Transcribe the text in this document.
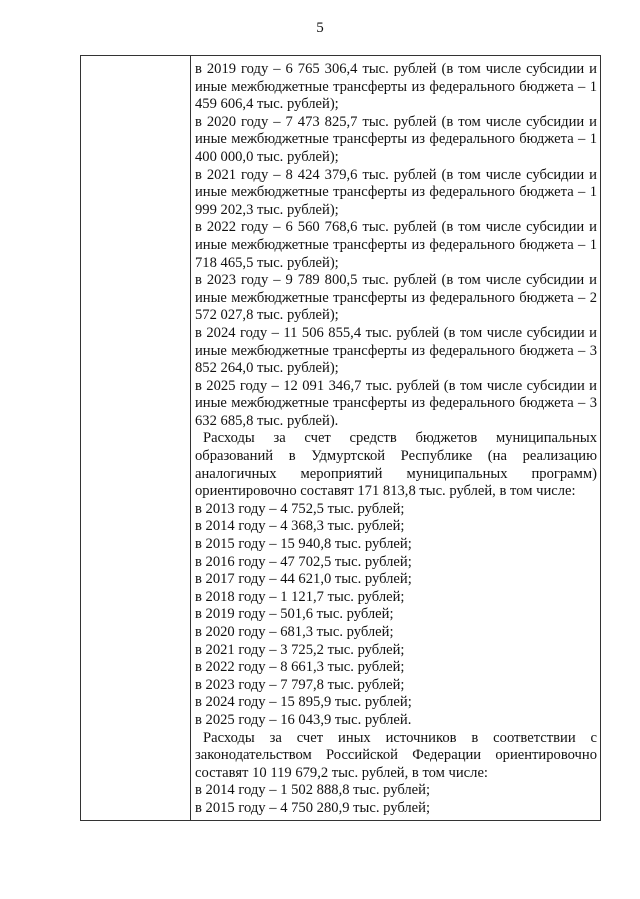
5

в 2019 году – 6 765 306,4 тыс. рублей (в том числе субсидии и иные межбюджетные трансферты из федерального бюджета – 1 459 606,4 тыс. рублей);

в 2020 году – 7 473 825,7 тыс. рублей (в том числе субсидии и иные межбюджетные трансферты из федерального бюджета – 1 400 000,0 тыс. рублей);

в 2021 году – 8 424 379,6 тыс. рублей (в том числе субсидии и иные межбюджетные трансферты из федерального бюджета – 1 999 202,3 тыс. рублей);

в 2022 году – 6 560 768,6 тыс. рублей (в том числе субсидии и иные межбюджетные трансферты из федерального бюджета – 1 718 465,5 тыс. рублей);

в 2023 году – 9 789 800,5 тыс. рублей (в том числе субсидии и иные межбюджетные трансферты из федерального бюджета – 2 572 027,8 тыс. рублей);

в 2024 году – 11 506 855,4 тыс. рублей (в том числе субсидии и иные межбюджетные трансферты из федерального бюджета – 3 852 264,0 тыс. рублей);

в 2025 году – 12 091 346,7 тыс. рублей (в том числе субсидии и иные межбюджетные трансферты из федерального бюджета – 3 632 685,8 тыс. рублей).

Расходы за счет средств бюджетов муниципальных образований в Удмуртской Республике (на реализацию аналогичных мероприятий муниципальных программ) ориентировочно составят 171 813,8 тыс. рублей, в том числе:

в 2013 году – 4 752,5 тыс. рублей;

в 2014 году – 4 368,3 тыс. рублей;

в 2015 году – 15 940,8 тыс. рублей;

в 2016 году – 47 702,5 тыс. рублей;

в 2017 году – 44 621,0 тыс. рублей;

в 2018 году – 1 121,7 тыс. рублей;

в 2019 году – 501,6 тыс. рублей;

в 2020 году – 681,3 тыс. рублей;

в 2021 году – 3 725,2 тыс. рублей;

в 2022 году – 8 661,3 тыс. рублей;

в 2023 году – 7 797,8 тыс. рублей;

в 2024 году – 15 895,9 тыс. рублей;

в 2025 году – 16 043,9 тыс. рублей.

Расходы за счет иных источников в соответствии с законодательством Российской Федерации ориентировочно составят 10 119 679,2 тыс. рублей, в том числе:

в 2014 году – 1 502 888,8 тыс. рублей;

в 2015 году – 4 750 280,9 тыс. рублей;
